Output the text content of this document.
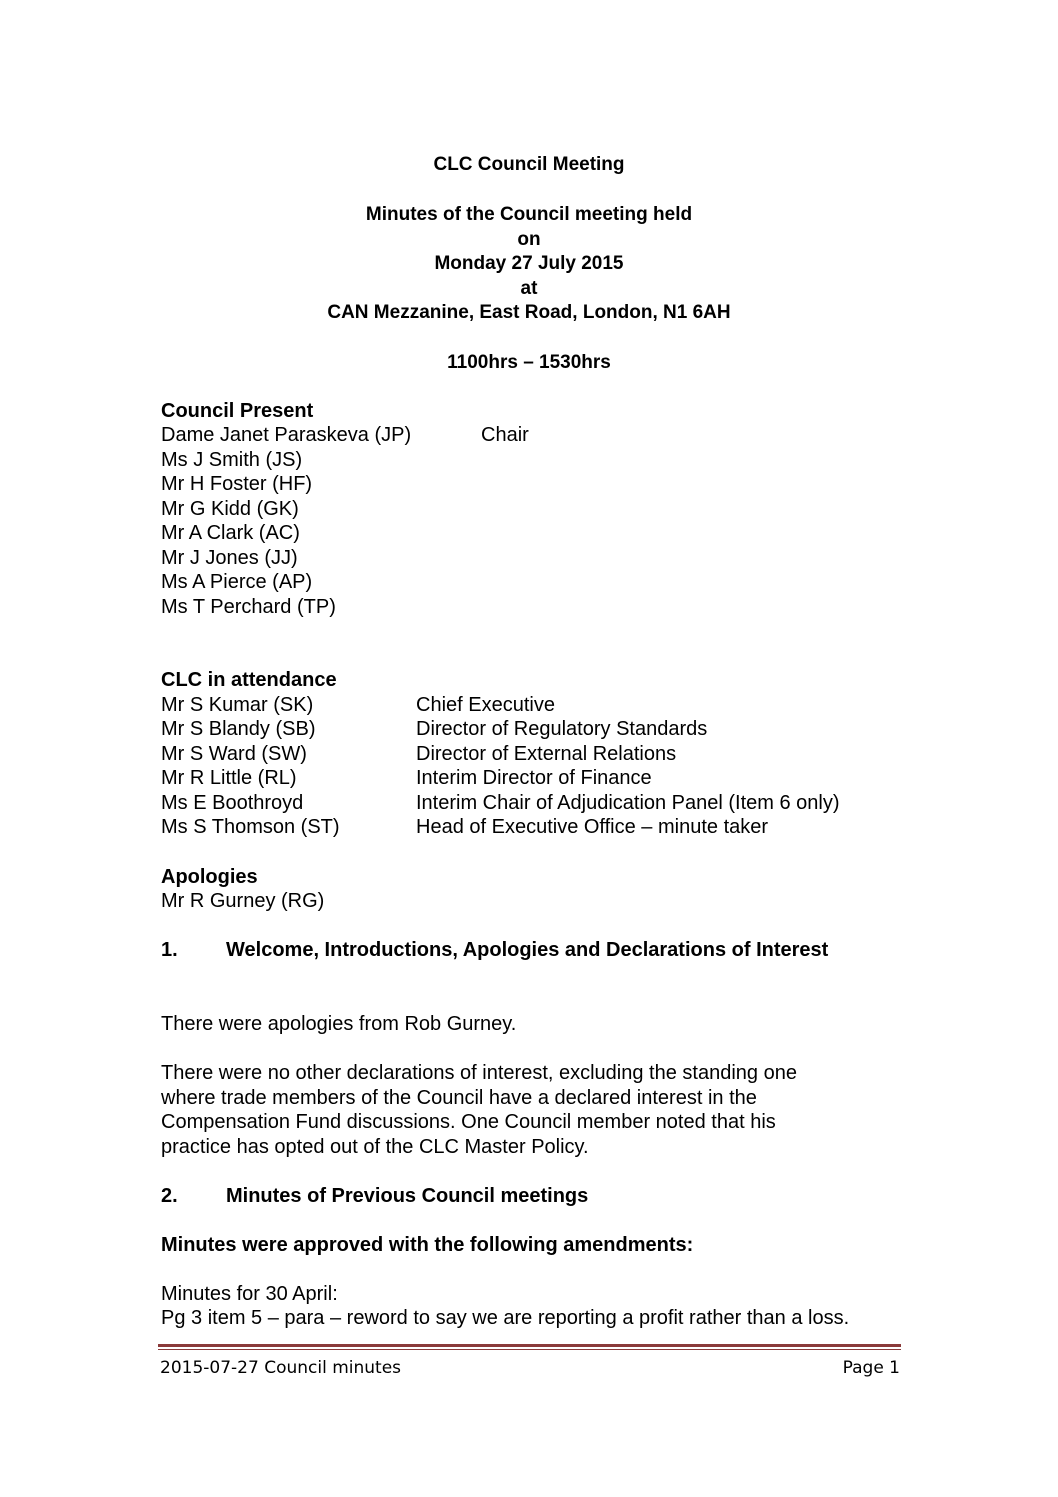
CLC Council Meeting
Minutes of the Council meeting held
on
Monday 27 July 2015
at
CAN Mezzanine, East Road, London, N1 6AH
1100hrs – 1530hrs
Council Present
Dame Janet Paraskeva (JP)	Chair
Ms J Smith (JS)
Mr H Foster (HF)
Mr G Kidd (GK)
Mr A Clark (AC)
Mr J Jones (JJ)
Ms A Pierce (AP)
Ms T Perchard (TP)
CLC in attendance
Mr S Kumar (SK)	Chief Executive
Mr S Blandy (SB)	Director of Regulatory Standards
Mr S Ward (SW)	Director of External Relations
Mr R Little (RL)	Interim Director of Finance
Ms E Boothroyd	Interim Chair of Adjudication Panel (Item 6 only)
Ms S Thomson (ST)	Head of Executive Office – minute taker
Apologies
Mr R Gurney (RG)
1. Welcome, Introductions, Apologies and Declarations of Interest
There were apologies from Rob Gurney.
There were no other declarations of interest, excluding the standing one
where trade members of the Council have a declared interest in the
Compensation Fund discussions. One Council member noted that his
practice has opted out of the CLC Master Policy.
2. Minutes of Previous Council meetings
Minutes were approved with the following amendments:
Minutes for 30 April:
Pg 3 item 5 – para – reword to say we are reporting a profit rather than a loss.
2015-07-27 Council minutes	Page 1
